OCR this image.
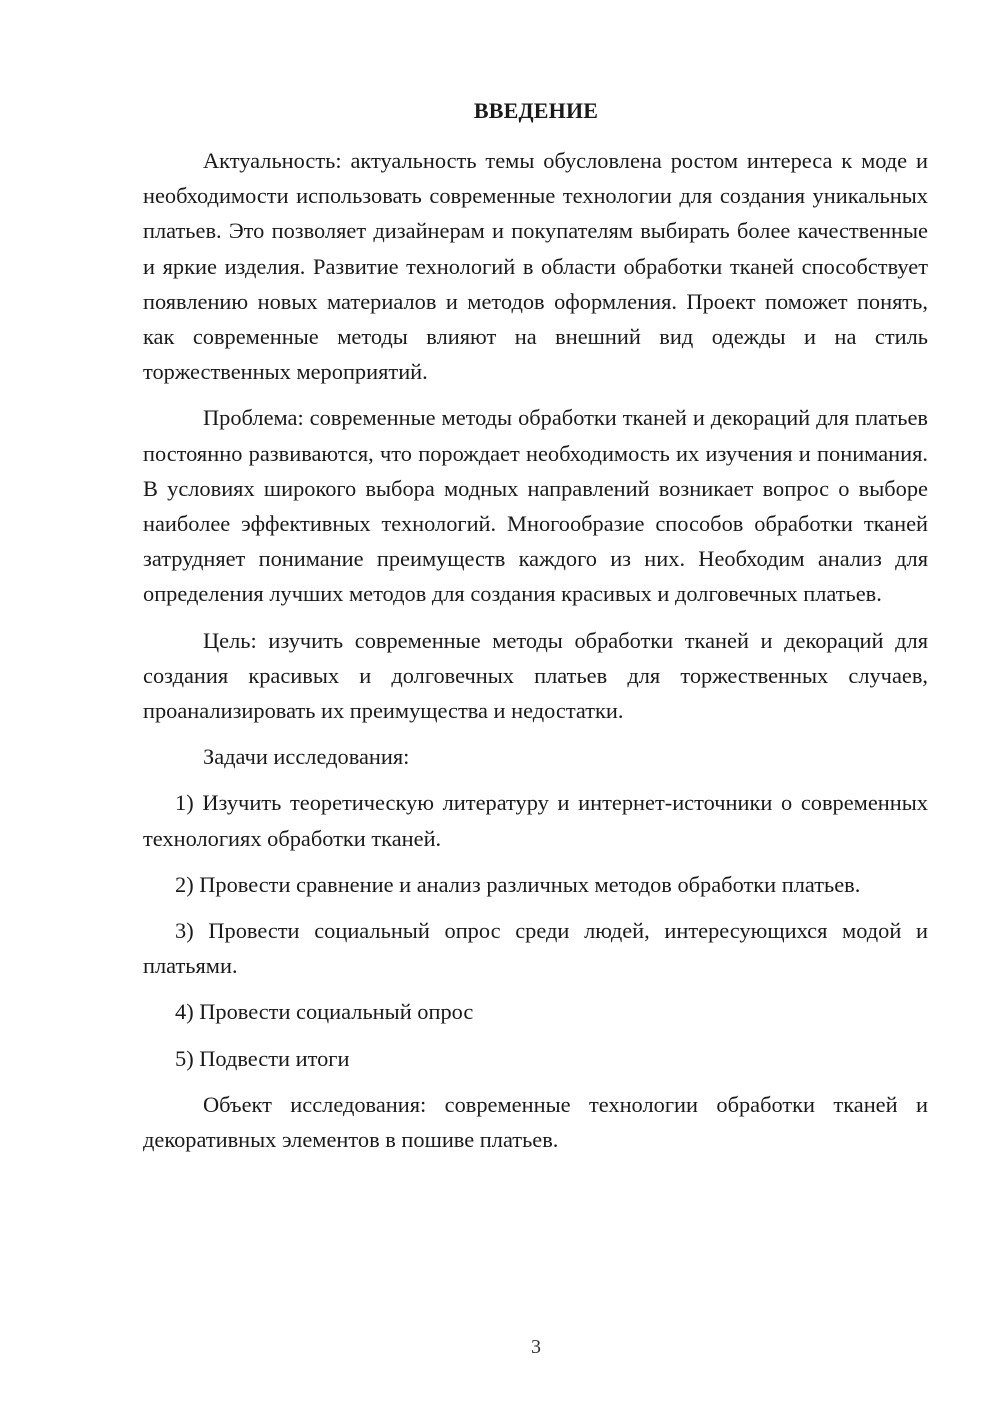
ВВЕДЕНИЕ

Актуальность: актуальность темы обусловлена ростом интереса к моде и необходимости использовать современные технологии для создания уникальных платьев. Это позволяет дизайнерам и покупателям выбирать более качественные и яркие изделия. Развитие технологий в области обработки тканей способствует появлению новых материалов и методов оформления. Проект поможет понять, как современные методы влияют на внешний вид одежды и на стиль торжественных мероприятий.

Проблема: современные методы обработки тканей и декораций для платьев постоянно развиваются, что порождает необходимость их изучения и понимания. В условиях широкого выбора модных направлений возникает вопрос о выборе наиболее эффективных технологий. Многообразие способов обработки тканей затрудняет понимание преимуществ каждого из них. Необходим анализ для определения лучших методов для создания красивых и долговечных платьев.

Цель: изучить современные методы обработки тканей и декораций для создания красивых и долговечных платьев для торжественных случаев, проанализировать их преимущества и недостатки.

Задачи исследования:

1) Изучить теоретическую литературу и интернет-источники о современных технологиях обработки тканей.

2) Провести сравнение и анализ различных методов обработки платьев.

3) Провести социальный опрос среди людей, интересующихся модой и платьями.

4) Провести социальный опрос

5) Подвести итоги

Объект исследования: современные технологии обработки тканей и декоративных элементов в пошиве платьев.

3
